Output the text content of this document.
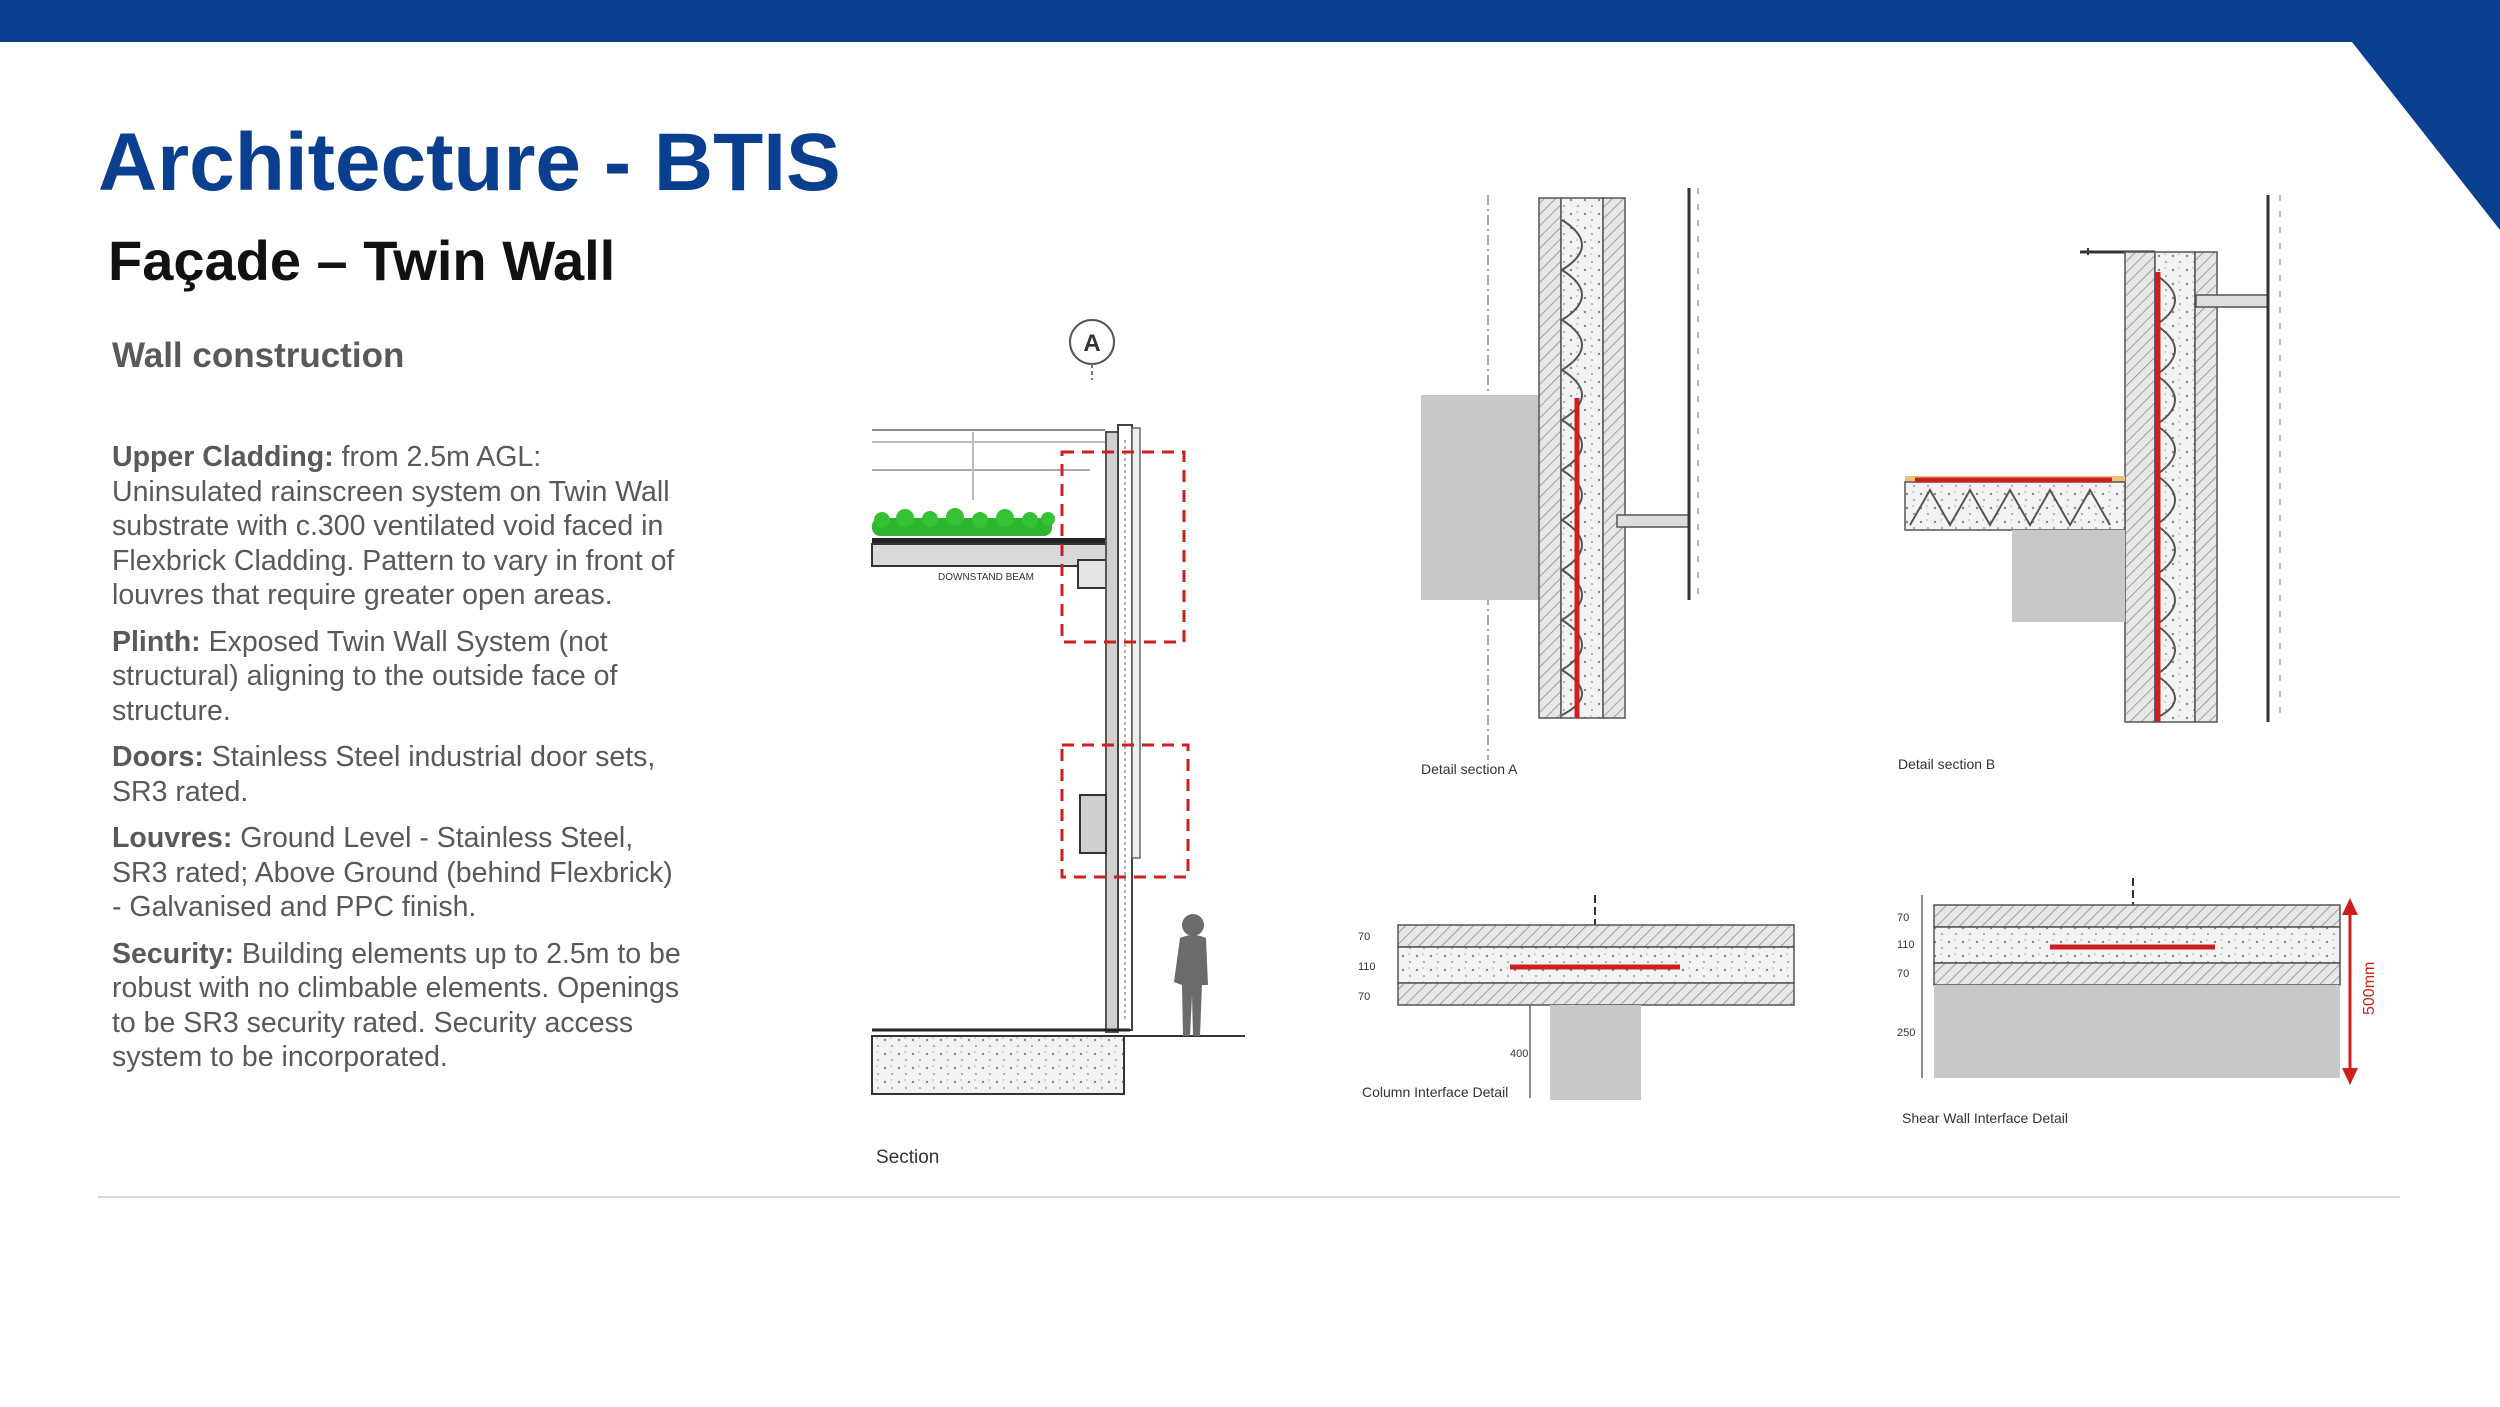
Architecture - BTIS
Façade – Twin Wall
Wall construction

Upper Cladding: from 2.5m AGL: Uninsulated rainscreen system on Twin Wall substrate with c.300 ventilated void faced in Flexbrick Cladding. Pattern to vary in front of louvres that require greater open areas.

Plinth: Exposed Twin Wall System (not structural) aligning to the outside face of structure.

Doors: Stainless Steel industrial door sets, SR3 rated.

Louvres: Ground Level - Stainless Steel, SR3 rated; Above Ground (behind Flexbrick) - Galvanised and PPC finish.

Security: Building elements up to 2.5m to be robust with no climbable elements. Openings to be SR3 security rated. Security access system to be incorporated.

A
DOWNSTAND BEAM
Section
Detail section A	Detail section B
70
110
70
400
Column Interface Detail
70
110
70
250
500mm
Shear Wall Interface Detail
